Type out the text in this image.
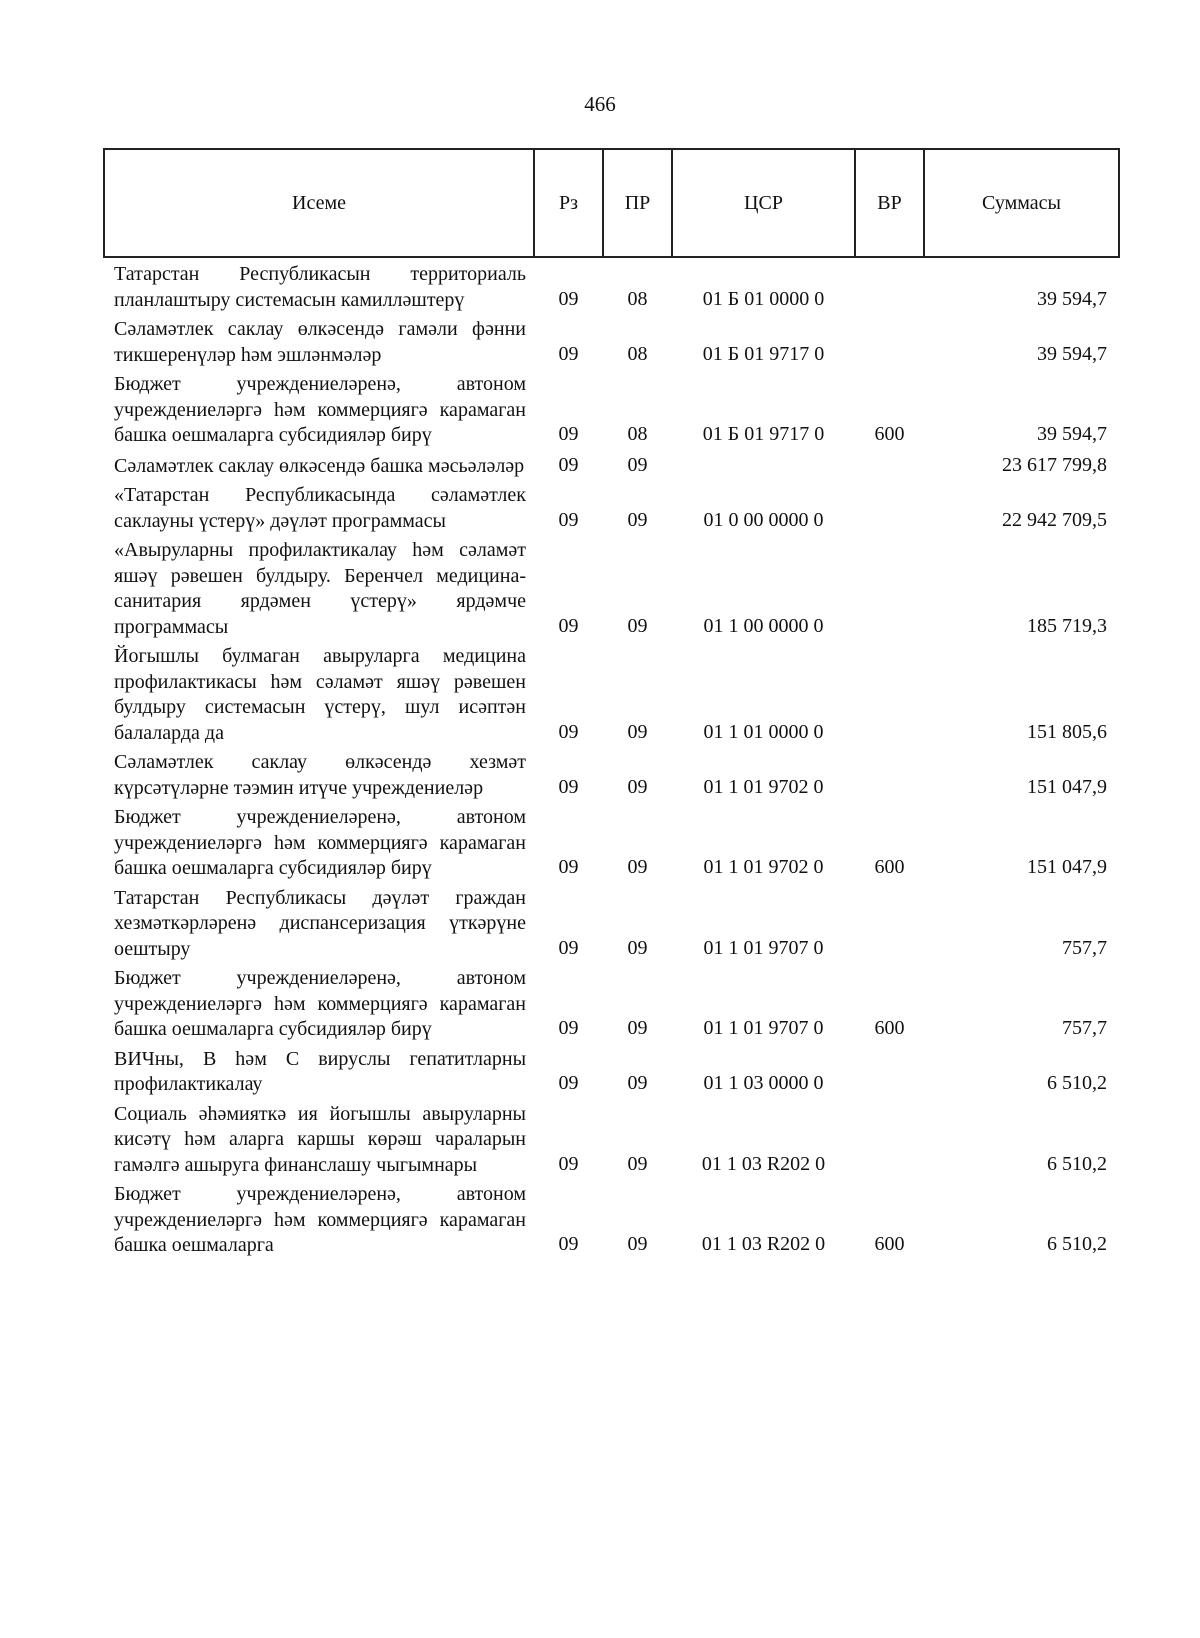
466
Исеме	Рз	ПР	ЦСР	ВР	Суммасы
Татарстан Республикасын территориаль планлаштыру системасын камилләштерү	09	08	01 Б 01 0000 0		39 594,7
Сәламәтлек саклау өлкәсендә гамәли фәнни тикшеренүләр һәм эшләнмәләр	09	08	01 Б 01 9717 0		39 594,7
Бюджет учреждениеләренә, автоном учреждениеләргә һәм коммерциягә карамаган башка оешмаларга субсидияләр бирү	09	08	01 Б 01 9717 0	600	39 594,7
Сәламәтлек саклау өлкәсендә башка мәсьәләләр	09	09			23 617 799,8
«Татарстан Республикасында сәламәтлек саклауны үстерү» дәүләт программасы	09	09	01 0 00 0000 0		22 942 709,5
«Авыруларны профилактикалау һәм сәламәт яшәү рәвешен булдыру. Беренчел медицина-санитария ярдәмен үстерү» ярдәмче программасы	09	09	01 1 00 0000 0		185 719,3
Йогышлы булмаган авыруларга медицина профилактикасы һәм сәламәт яшәү рәвешен булдыру системасын үстерү, шул исәптән балаларда да	09	09	01 1 01 0000 0		151 805,6
Сәламәтлек саклау өлкәсендә хезмәт күрсәтүләрне тәэмин итүче учреждениеләр	09	09	01 1 01 9702 0		151 047,9
Бюджет учреждениеләренә, автоном учреждениеләргә һәм коммерциягә карамаган башка оешмаларга субсидияләр бирү	09	09	01 1 01 9702 0	600	151 047,9
Татарстан Республикасы дәүләт граждан хезмәткәрләренә диспансеризация үткәрүне оештыру	09	09	01 1 01 9707 0		757,7
Бюджет учреждениеләренә, автоном учреждениеләргә һәм коммерциягә карамаган башка оешмаларга субсидияләр бирү	09	09	01 1 01 9707 0	600	757,7
ВИЧны, В һәм С вируслы гепатитларны профилактикалау	09	09	01 1 03 0000 0		6 510,2
Социаль әһәмияткә ия йогышлы авыруларны кисәтү һәм аларга каршы көрәш чараларын гамәлгә ашыруга финанслашу чыгымнары	09	09	01 1 03 R202 0		6 510,2
Бюджет учреждениеләренә, автоном учреждениеләргә һәм коммерциягә карамаган башка оешмаларга	09	09	01 1 03 R202 0	600	6 510,2
